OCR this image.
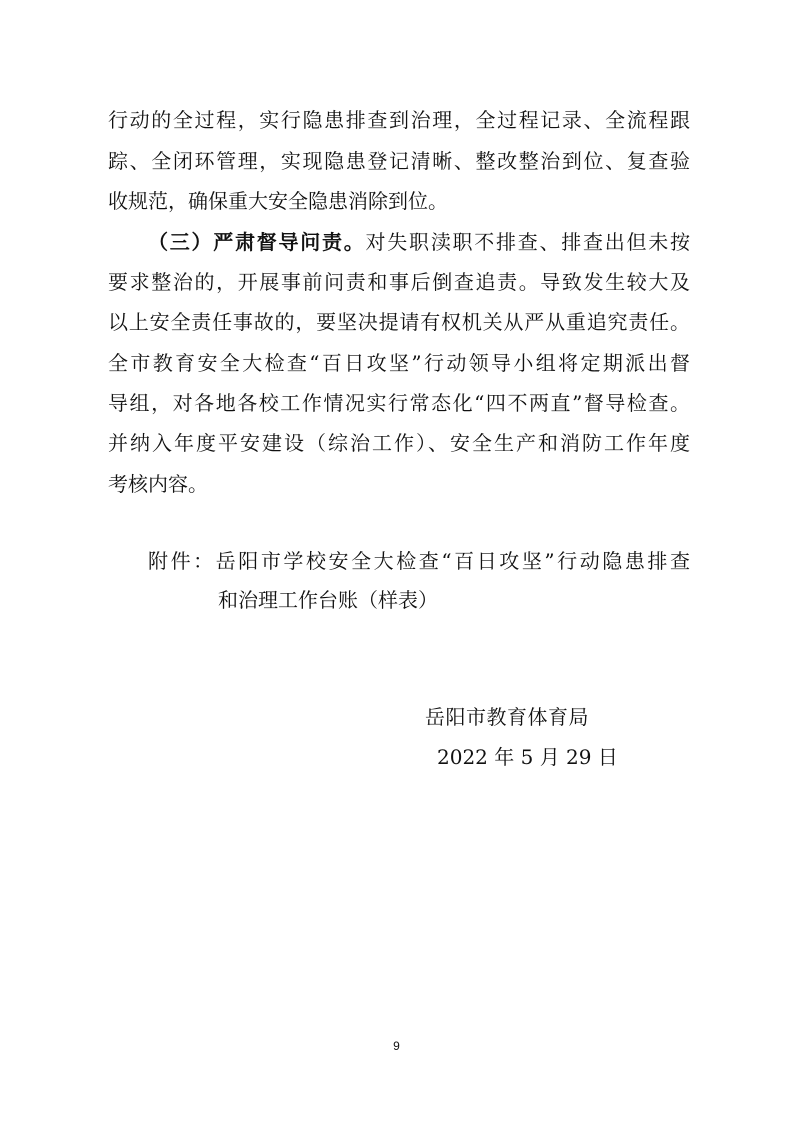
行动的全过程，实行隐患排查到治理，全过程记录、全流程跟
踪、全闭环管理，实现隐患登记清晰、整改整治到位、复查验
收规范，确保重大安全隐患消除到位。
（三）严肃督导问责。对失职渎职不排查、排查出但未按
要求整治的，开展事前问责和事后倒查追责。导致发生较大及
以上安全责任事故的，要坚决提请有权机关从严从重追究责任。
全市教育安全大检查“百日攻坚”行动领导小组将定期派出督
导组，对各地各校工作情况实行常态化“四不两直”督导检查。
并纳入年度平安建设（综治工作）、安全生产和消防工作年度
考核内容。
附件：岳阳市学校安全大检查“百日攻坚”行动隐患排查
和治理工作台账（样表）
岳阳市教育体育局
2022 年 5 月 29 日
9
